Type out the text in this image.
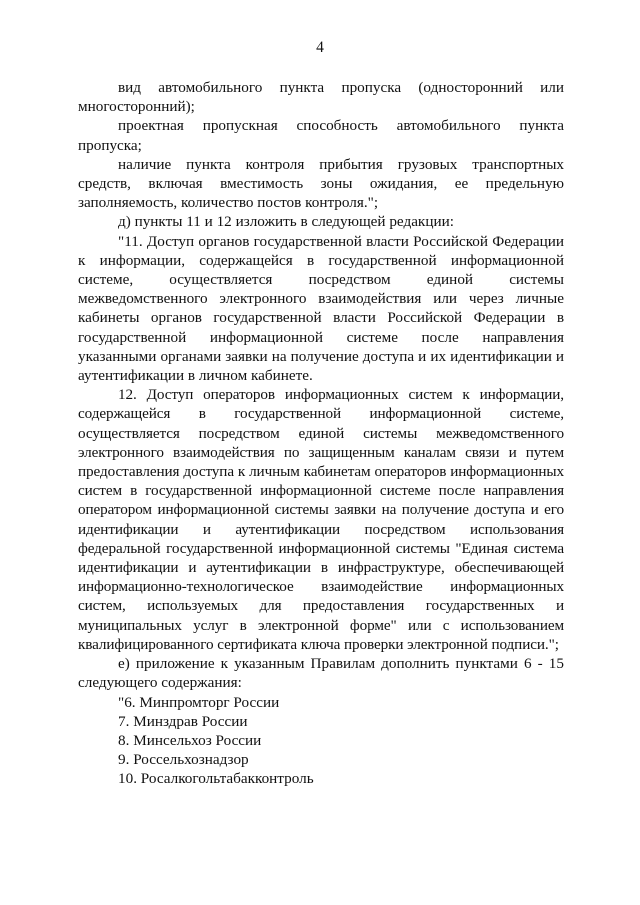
4

вид автомобильного пункта пропуска (односторонний или многосторонний);

проектная пропускная способность автомобильного пункта пропуска;

наличие пункта контроля прибытия грузовых транспортных средств, включая вместимость зоны ожидания, ее предельную заполняемость, количество постов контроля.";

д) пункты 11 и 12 изложить в следующей редакции:

"11. Доступ органов государственной власти Российской Федерации к информации, содержащейся в государственной информационной системе, осуществляется посредством единой системы межведомственного электронного взаимодействия или через личные кабинеты органов государственной власти Российской Федерации в государственной информационной системе после направления указанными органами заявки на получение доступа и их идентификации и аутентификации в личном кабинете.

12. Доступ операторов информационных систем к информации, содержащейся в государственной информационной системе, осуществляется посредством единой системы межведомственного электронного взаимодействия по защищенным каналам связи и путем предоставления доступа к личным кабинетам операторов информационных систем в государственной информационной системе после направления оператором информационной системы заявки на получение доступа и его идентификации и аутентификации посредством использования федеральной государственной информационной системы "Единая система идентификации и аутентификации в инфраструктуре, обеспечивающей информационно-технологическое взаимодействие информационных систем, используемых для предоставления государственных и муниципальных услуг в электронной форме" или с использованием квалифицированного сертификата ключа проверки электронной подписи.";

е) приложение к указанным Правилам дополнить пунктами 6 - 15 следующего содержания:

"6. Минпромторг России

7. Минздрав России

8. Минсельхоз России

9. Россельхознадзор

10. Росалкогольтабакконтроль
